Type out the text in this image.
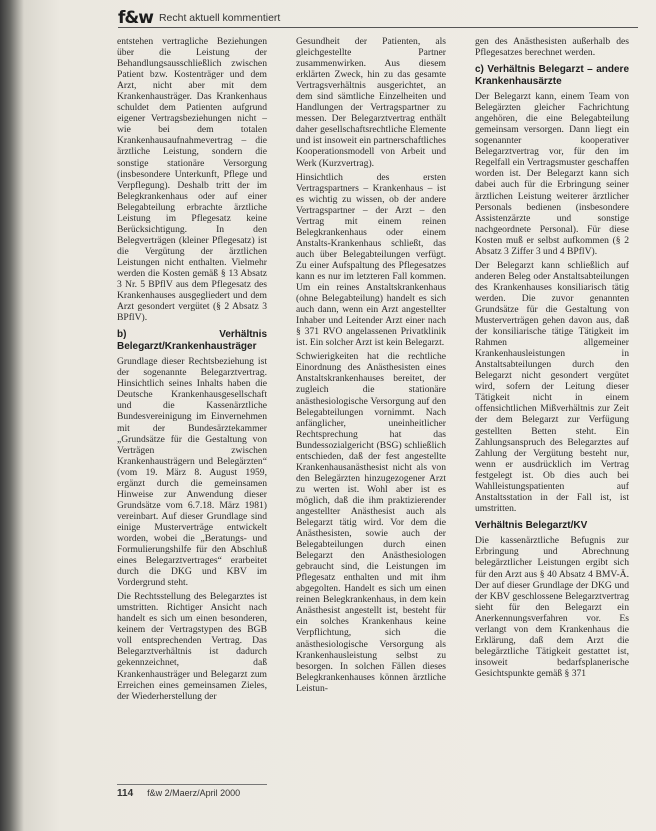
f&w Recht aktuell kommentiert

entstehen vertragliche Beziehungen über die Leistung der Behandlungsausschließlich zwischen Patient bzw. Kostenträger und dem Arzt, nicht aber mit dem Krankenhausträger. Das Krankenhaus schuldet dem Patienten aufgrund eigener Vertragsbeziehungen nicht – wie bei dem totalen Krankenhausaufnahmevertrag – die ärztliche Leistung, sondern die sonstige stationäre Versorgung (insbesondere Unterkunft, Pflege und Verpflegung). Deshalb tritt der im Belegkrankenhaus oder auf einer Belegabteilung erbrachte ärztliche Leistung im Pflegesatz keine Berücksichtigung. In den Belegverträgen (kleiner Pflegesatz) ist die Vergütung der ärztlichen Leistungen nicht enthalten. Vielmehr werden die Kosten gemäß § 13 Absatz 3 Nr. 5 BPflV aus dem Pflegesatz des Krankenhauses ausgegliedert und dem Arzt gesondert vergütet (§ 2 Absatz 3 BPflV).

b) Verhältnis Belegarzt/Krankenhausträger

Grundlage dieser Rechtsbeziehung ist der sogenannte Belegarztvertrag. Hinsichtlich seines Inhalts haben die Deutsche Krankenhausgesellschaft und die Kassenärztliche Bundesvereinigung im Einvernehmen mit der Bundesärztekammer „Grundsätze für die Gestaltung von Verträgen zwischen Krankenhausträgern und Belegärzten“ (vom 19. März 8. August 1959, ergänzt durch die gemeinsamen Hinweise zur Anwendung dieser Grundsätze vom 6.7.18. März 1981) vereinbart. Auf dieser Grundlage sind einige Musterverträge entwickelt worden, wobei die „Beratungs- und Formulierungshilfe für den Abschluß eines Belegarztvertrages“ erarbeitet durch die DKG und KBV im Vordergrund steht.

Die Rechtsstellung des Belegarztes ist umstritten. Richtiger Ansicht nach handelt es sich um einen besonderen, keinem der Vertragstypen des BGB voll entsprechenden Vertrag. Das Belegarztverhältnis ist dadurch gekennzeichnet, daß Krankenhausträger und Belegarzt zum Erreichen eines gemeinsamen Zieles, der Wiederherstellung der

Gesundheit der Patienten, als gleichgestellte Partner zusammenwirken. Aus diesem erklärten Zweck, hin zu das gesamte Vertragsverhältnis ausgerichtet, an dem sind sämtliche Einzelheiten und Handlungen der Vertragspartner zu messen. Der Belegarztvertrag enthält daher gesellschaftsrechtliche Elemente und ist insoweit ein partnerschaftliches Kooperationsmodell von Arbeit und Werk (Kurzvertrag).

Hinsichtlich des ersten Vertragspartners – Krankenhaus – ist es wichtig zu wissen, ob der andere Vertragspartner – der Arzt – den Vertrag mit einem reinen Belegkrankenhaus oder einem Anstalts-Krankenhaus schließt, das auch über Belegabteilungen verfügt. Zu einer Aufspaltung des Pflegesatzes kann es nur im letzteren Fall kommen. Um ein reines Anstaltskrankenhaus (ohne Belegabteilung) handelt es sich auch dann, wenn ein Arzt angestellter Inhaber und Leitender Arzt einer nach § 371 RVO angelassenen Privatklinik ist. Ein solcher Arzt ist kein Belegarzt.

Schwierigkeiten hat die rechtliche Einordnung des Anästhesisten eines Anstaltskrankenhauses bereitet, der zugleich die stationäre anästhesiologische Versorgung auf den Belegabteilungen vornimmt. Nach anfänglicher, uneinheitlicher Rechtsprechung hat das Bundessozialgericht (BSG) schließlich entschieden, daß der fest angestellte Krankenhausanästhesist nicht als von den Belegärzten hinzugezogener Arzt zu werten ist. Wohl aber ist es möglich, daß die ihm praktizierender angestellter Anästhesist auch als Belegarzt tätig wird. Vor dem die Anästhesisten, sowie auch der Belegabteilungen durch einen Belegarzt den Anästhesiologen gebraucht sind, die Leistungen im Pflegesatz enthalten und mit ihm abgegolten. Handelt es sich um einen reinen Belegkrankenhaus, in dem kein Anästhesist angestellt ist, besteht für ein solches Krankenhaus keine Verpflichtung, sich die anästhesiologische Versorgung als Krankenhausleistung selbst zu besorgen. In solchen Fällen dieses Belegkrankenhauses können ärztliche Leistun-

gen des Anästhesisten außerhalb des Pflegesatzes berechnet werden.

c) Verhältnis Belegarzt – andere Krankenhausärzte

Der Belegarzt kann, einem Team von Belegärzten gleicher Fachrichtung angehören, die eine Belegabteilung gemeinsam versorgen. Dann liegt ein sogenannter kooperativer Belegarztvertrag vor, für den im Regelfall ein Vertragsmuster geschaffen worden ist. Der Belegarzt kann sich dabei auch für die Erbringung seiner ärztlichen Leistung weiterer ärztlicher Personals bedienen (insbesondere Assistenzärzte und sonstige nachgeordnete Personal). Für diese Kosten muß er selbst aufkommen (§ 2 Absatz 3 Ziffer 3 und 4 BPflV).

Der Belegarzt kann schließlich auf anderen Beleg oder Anstaltsabteilungen des Krankenhauses konsiliarisch tätig werden. Die zuvor genannten Grundsätze für die Gestaltung von Musterverträgen gehen davon aus, daß der konsiliarische tätige Tätigkeit im Rahmen allgemeiner Krankenhausleistungen in Anstaltsabteilungen durch den Belegarzt nicht gesondert vergütet wird, sofern der Leitung dieser Tätigkeit nicht in einem offensichtlichen Mißverhältnis zur Zeit der dem Belegarzt zur Verfügung gestellten Betten steht. Ein Zahlungsanspruch des Belegarztes auf Zahlung der Vergütung besteht nur, wenn er ausdrücklich im Vertrag festgelegt ist. Ob dies auch bei Wahlleistungspatienten auf Anstaltsstation in der Fall ist, ist umstritten.

Verhältnis Belegarzt/KV

Die kassenärztliche Befugnis zur Erbringung und Abrechnung belegärztlicher Leistungen ergibt sich für den Arzt aus § 40 Absatz 4 BMV-Ä. Der auf dieser Grundlage der DKG und der KBV geschlossene Belegarztvertrag sieht für den Belegarzt ein Anerkennungsverfahren vor. Es verlangt von dem Krankenhaus die Erklärung, daß dem Arzt die belegärztliche Tätigkeit gestattet ist, insoweit bedarfsplanerische Gesichtspunkte gemäß § 371

114 f&w 2/Maerz/April 2000
